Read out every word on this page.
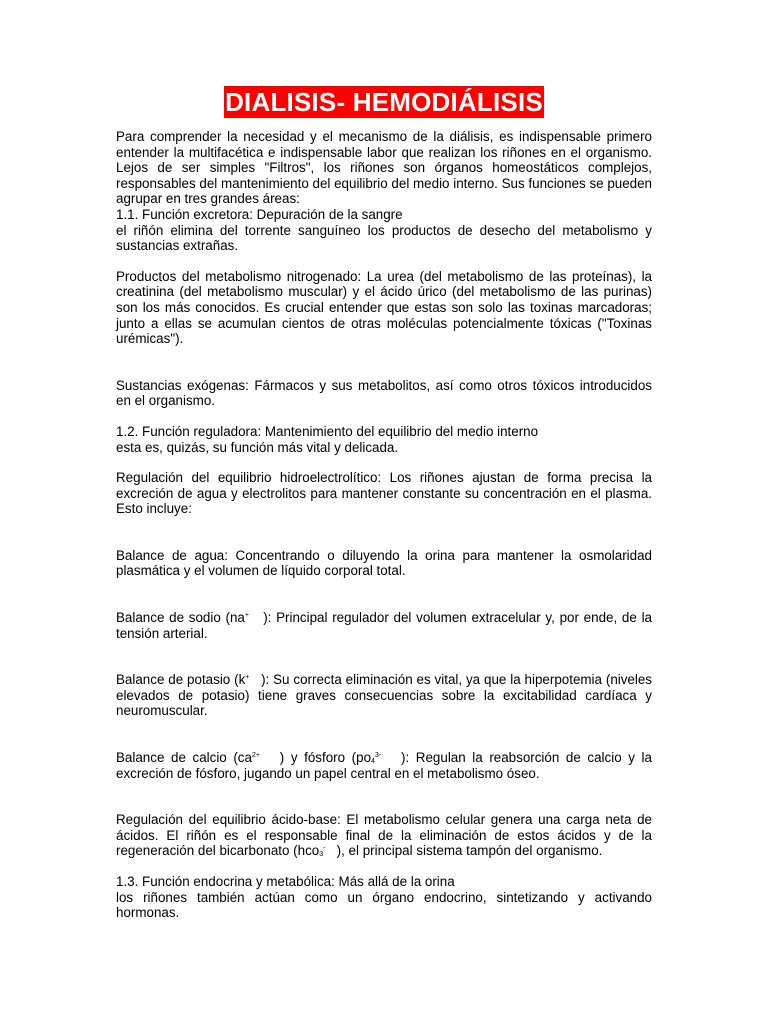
DIALISIS- HEMODIÁLISIS

Para comprender la necesidad y el mecanismo de la diálisis, es indispensable primero entender la multifacética e indispensable labor que realizan los riñones en el organismo. Lejos de ser simples "Filtros", los riñones son órganos homeostáticos complejos, responsables del mantenimiento del equilibrio del medio interno. Sus funciones se pueden agrupar en tres grandes áreas:
1.1. Función excretora: Depuración de la sangre
el riñón elimina del torrente sanguíneo los productos de desecho del metabolismo y sustancias extrañas.

Productos del metabolismo nitrogenado: La urea (del metabolismo de las proteínas), la creatinina (del metabolismo muscular) y el ácido úrico (del metabolismo de las purinas) son los más conocidos. Es crucial entender que estas son solo las toxinas marcadoras; junto a ellas se acumulan cientos de otras moléculas potencialmente tóxicas ("Toxinas urémicas").

Sustancias exógenas: Fármacos y sus metabolitos, así como otros tóxicos introducidos en el organismo.

1.2. Función reguladora: Mantenimiento del equilibrio del medio interno
esta es, quizás, su función más vital y delicada.

Regulación del equilibrio hidroelectrolítico: Los riñones ajustan de forma precisa la excreción de agua y electrolitos para mantener constante su concentración en el plasma. Esto incluye:

Balance de agua: Concentrando o diluyendo la orina para mantener la osmolaridad plasmática y el volumen de líquido corporal total.

Balance de sodio (na+ ): Principal regulador del volumen extracelular y, por ende, de la tensión arterial.

Balance de potasio (k+ ): Su correcta eliminación es vital, ya que la hiperpotemia (niveles elevados de potasio) tiene graves consecuencias sobre la excitabilidad cardíaca y neuromuscular.

Balance de calcio ($ca^{2+}$ ) y fósforo ($po_4^{3-}$ ): Regulan la reabsorción de calcio y la excreción de fósforo, jugando un papel central en el metabolismo óseo.

Regulación del equilibrio ácido-base: El metabolismo celular genera una carga neta de ácidos. El riñón es el responsable final de la eliminación de estos ácidos y de la regeneración del bicarbonato (hco$_3$- ), el principal sistema tampón del organismo.

1.3. Función endocrina y metabólica: Más allá de la orina
los riñones también actúan como un órgano endocrino, sintetizando y activando hormonas.
